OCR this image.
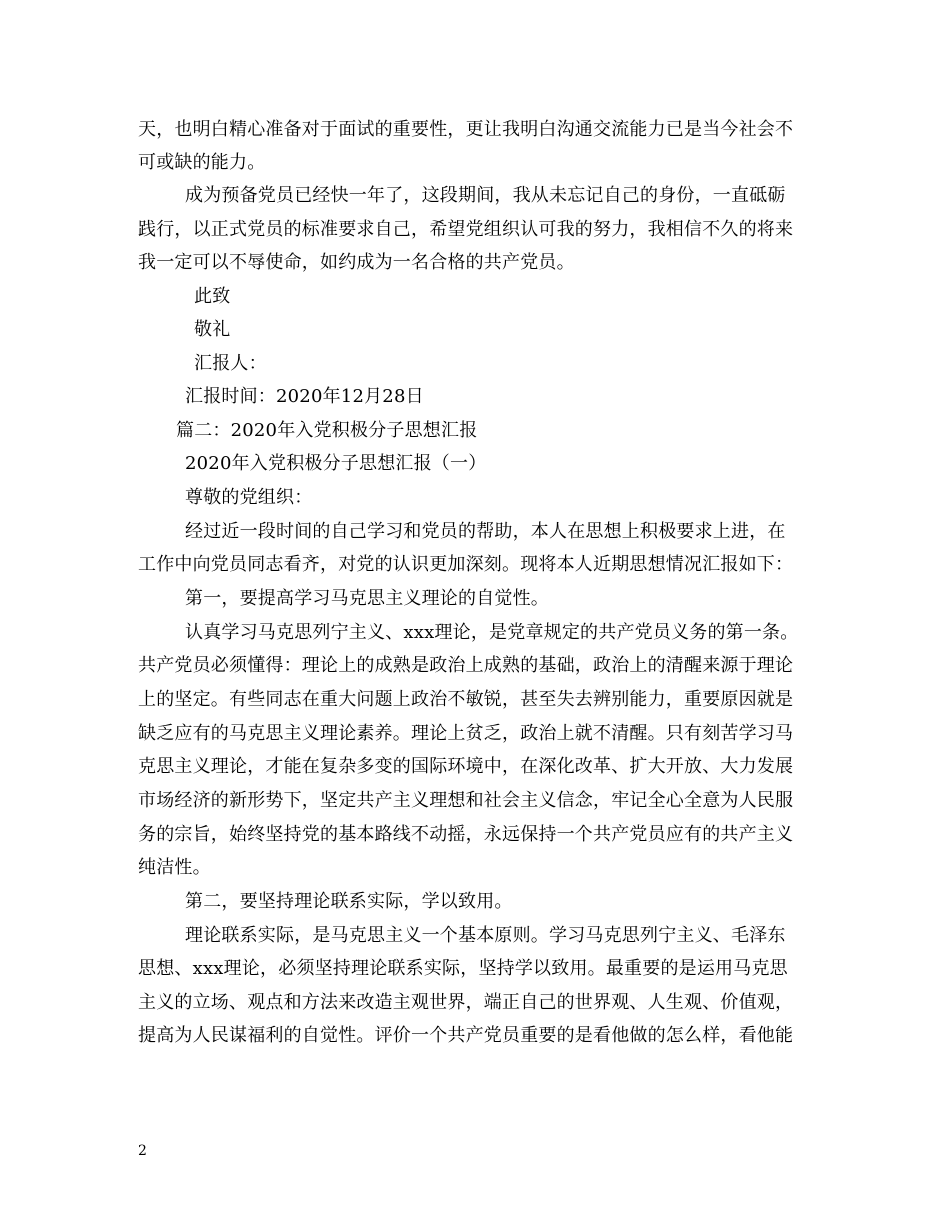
天，也明白精心准备对于面试的重要性，更让我明白沟通交流能力已是当今社会不
可或缺的能力。
成为预备党员已经快一年了，这段期间，我从未忘记自己的身份，一直砥砺
践行，以正式党员的标准要求自己，希望党组织认可我的努力，我相信不久的将来
我一定可以不辱使命，如约成为一名合格的共产党员。
此致
敬礼
汇报人：
汇报时间：2020年12月28日
篇二：2020年入党积极分子思想汇报
2020年入党积极分子思想汇报（一）
尊敬的党组织：
经过近一段时间的自己学习和党员的帮助，本人在思想上积极要求上进，在
工作中向党员同志看齐，对党的认识更加深刻。现将本人近期思想情况汇报如下：
第一，要提高学习马克思主义理论的自觉性。
认真学习马克思列宁主义、xxx理论，是党章规定的共产党员义务的第一条。
共产党员必须懂得：理论上的成熟是政治上成熟的基础，政治上的清醒来源于理论
上的坚定。有些同志在重大问题上政治不敏锐，甚至失去辨别能力，重要原因就是
缺乏应有的马克思主义理论素养。理论上贫乏，政治上就不清醒。只有刻苦学习马
克思主义理论，才能在复杂多变的国际环境中，在深化改革、扩大开放、大力发展
市场经济的新形势下，坚定共产主义理想和社会主义信念，牢记全心全意为人民服
务的宗旨，始终坚持党的基本路线不动摇，永远保持一个共产党员应有的共产主义
纯洁性。
第二，要坚持理论联系实际，学以致用。
理论联系实际，是马克思主义一个基本原则。学习马克思列宁主义、毛泽东
思想、xxx理论，必须坚持理论联系实际，坚持学以致用。最重要的是运用马克思
主义的立场、观点和方法来改造主观世界，端正自己的世界观、人生观、价值观，
提高为人民谋福利的自觉性。评价一个共产党员重要的是看他做的怎么样，看他能
2
